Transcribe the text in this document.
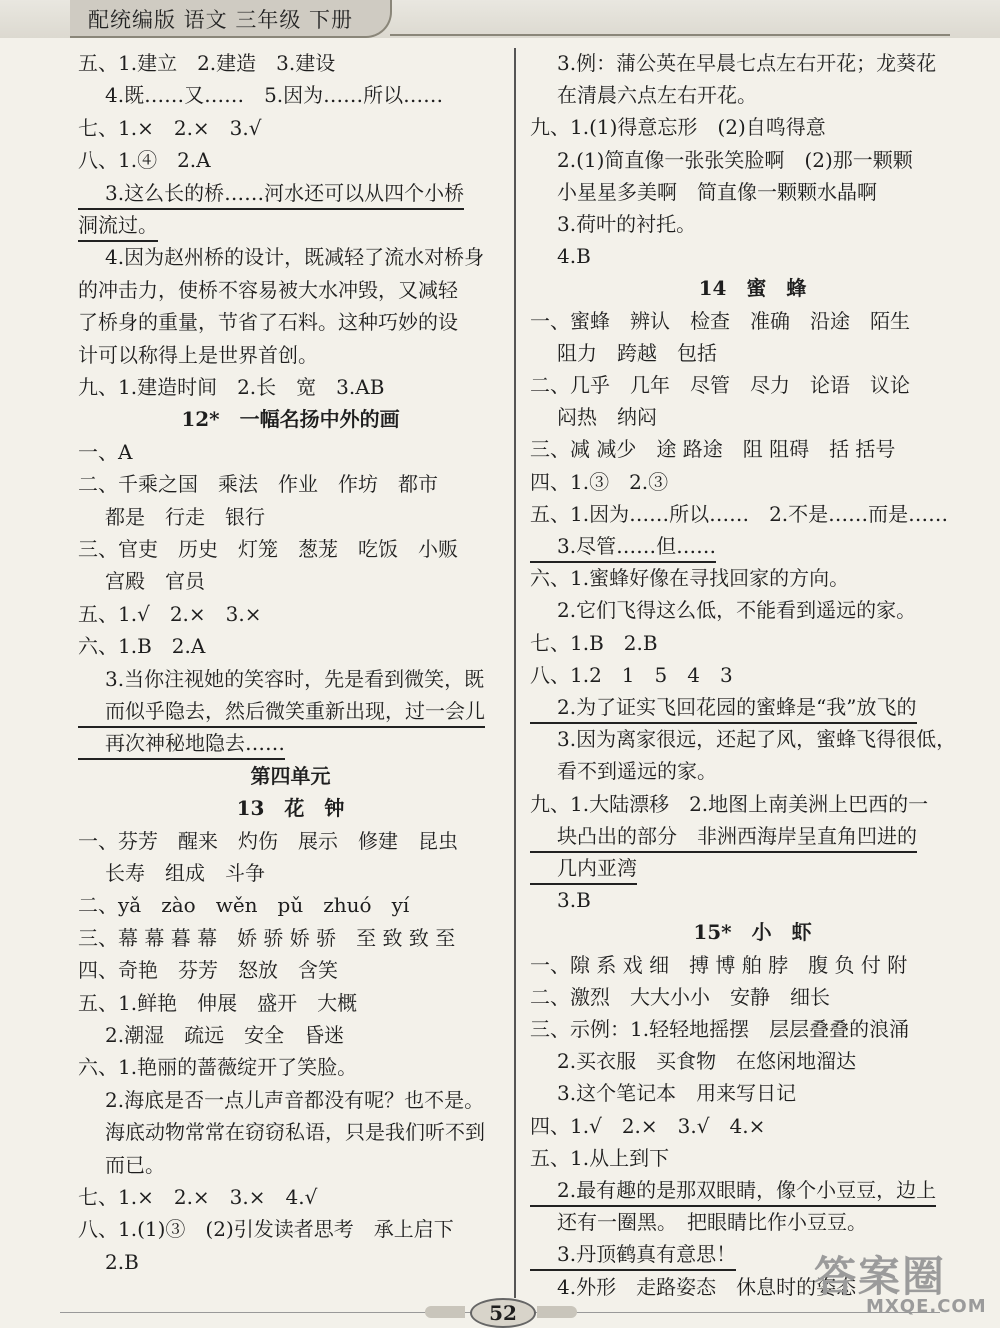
配统编版 语文 三年级 下册
五、1.建立　2.建造　3.建设
4.既……又……　5.因为……所以……
七、1.×　2.×　3.√
八、1.④　2.A
3.这么长的桥……河水还可以从四个小桥
洞流过。
4.因为赵州桥的设计，既减轻了流水对桥身
的冲击力，使桥不容易被大水冲毁，又减轻
了桥身的重量，节省了石料。这种巧妙的设
计可以称得上是世界首创。
九、1.建造时间　2.长　宽　3.AB
12*　一幅名扬中外的画
一、A
二、千乘之国　乘法　作业　作坊　都市
都是　行走　银行
三、官吏　历史　灯笼　葱茏　吃饭　小贩
宫殿　官员
五、1.√　2.×　3.×
六、1.B　2.A
3.当你注视她的笑容时，先是看到微笑，既
而似乎隐去，然后微笑重新出现，过一会儿
再次神秘地隐去……
第四单元
13　花　钟
一、芬芳　醒来　灼伤　展示　修建　昆虫
长寿　组成　斗争
二、yǎ　zào　wěn　pǔ　zhuó　yí
三、幕 幕 暮 幕　娇 骄 娇 骄　至 致 致 至
四、奇艳　芬芳　怒放　含笑
五、1.鲜艳　伸展　盛开　大概
2.潮湿　疏远　安全　昏迷
六、1.艳丽的蔷薇绽开了笑脸。
2.海底是否一点儿声音都没有呢？也不是。
海底动物常常在窃窃私语，只是我们听不到
而已。
七、1.×　2.×　3.×　4.√
八、1.(1)③　(2)引发读者思考　承上启下
2.B
3.例：蒲公英在早晨七点左右开花；龙葵花
在清晨六点左右开花。
九、1.(1)得意忘形　(2)自鸣得意
2.(1)简直像一张张笑脸啊　(2)那一颗颗
小星星多美啊　简直像一颗颗水晶啊
3.荷叶的衬托。
4.B
14　蜜　蜂
一、蜜蜂　辨认　检查　准确　沿途　陌生
阻力　跨越　包括
二、几乎　几年　尽管　尽力　论语　议论
闷热　纳闷
三、减 减少　途 路途　阻 阻碍　括 括号
四、1.③　2.③
五、1.因为……所以……　2.不是……而是……
3.尽管……但……
六、1.蜜蜂好像在寻找回家的方向。
2.它们飞得这么低，不能看到遥远的家。
七、1.B　2.B
八、1.2　1　5　4　3
2.为了证实飞回花园的蜜蜂是“我”放飞的
3.因为离家很远，还起了风，蜜蜂飞得很低，
看不到遥远的家。
九、1.大陆漂移　2.地图上南美洲上巴西的一
块凸出的部分　非洲西海岸呈直角凹进的
几内亚湾
3.B
15*　小　虾
一、隙 系 戏 细　搏 博 舶 脖　腹 负 付 附
二、激烈　大大小小　安静　细长
三、示例：1.轻轻地摇摆　层层叠叠的浪涌
2.买衣服　买食物　在悠闲地溜达
3.这个笔记本　用来写日记
四、1.√　2.×　3.√　4.×
五、1.从上到下
2.最有趣的是那双眼睛，像个小豆豆，边上
还有一圈黑。　把眼睛比作小豆豆。
3.丹顶鹤真有意思！
4.外形　走路姿态　休息时的姿态
52
答案圈
MXQE.COM
